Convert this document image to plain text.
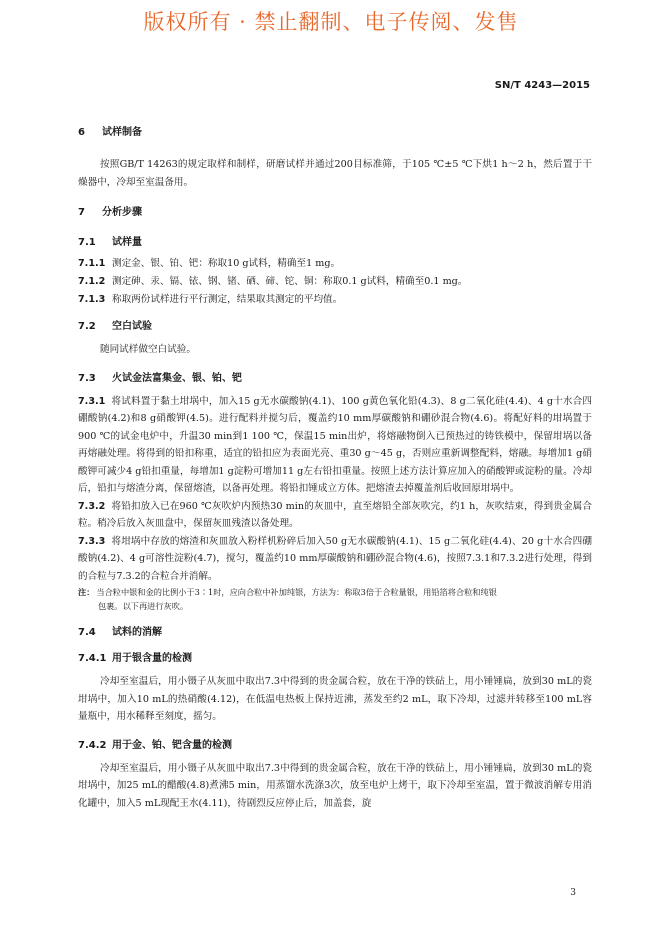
版权所有 · 禁止翻制、电子传阅、发售
SN/T 4243—2015
6 试样制备

按照GB/T 14263的规定取样和制样，研磨试样并通过200目标准筛，于105 ℃±5 ℃下烘1 h～2 h，然后置于干燥器中，冷却至室温备用。

7 分析步骤
7.1 试样量

7.1.1 测定金、银、铂、钯：称取10 g试料，精确至1 mg。

7.1.2 测定砷、汞、镉、铱、钢、锗、硒、碲、铊、铜：称取0.1 g试料，精确至0.1 mg。

7.1.3 称取两份试样进行平行测定，结果取其测定的平均值。

7.2 空白试验

随同试样做空白试验。

7.3 火试金法富集金、银、铂、钯

7.3.1 将试料置于黏土坩埚中，加入15 g无水碳酸钠(4.1)、100 g黄色氧化铅(4.3)、8 g二氧化硅(4.4)、4 g十水合四硼酸钠(4.2)和8 g硝酸钾(4.5)。进行配料并搅匀后，覆盖约10 mm厚碳酸钠和硼砂混合物(4.6)。将配好料的坩埚置于900 ℃的试金电炉中，升温30 min到1 100 ℃，保温15 min出炉，将熔融物倒入已预热过的铸铁模中，保留坩埚以备再熔融处理。将得到的铅扣称重，适宜的铅扣应为表面光亮、重30 g～45 g，否则应重新调整配料，熔融。每增加1 g硝酸钾可减少4 g铅扣重量，每增加1 g淀粉可增加11 g左右铅扣重量。按照上述方法计算应加入的硝酸钾或淀粉的量。冷却后，铅扣与熔渣分离，保留熔渣，以备再处理。将铅扣锤成立方体。把熔渣去掉覆盖剂后收回原坩埚中。

7.3.2 将铅扣放入已在960 ℃灰吹炉内预热30 min的灰皿中，直至熔铅全部灰吹完，约1 h，灰吹结束，得到贵金属合粒。稍冷后放入灰皿盘中，保留灰皿残渣以备处理。

7.3.3 将坩埚中存放的熔渣和灰皿放入粉样机粉碎后加入50 g无水碳酸钠(4.1)、15 g二氧化硅(4.4)、20 g十水合四硼酸钠(4.2)、4 g可溶性淀粉(4.7)，搅匀，覆盖约10 mm厚碳酸钠和硼砂混合物(4.6)，按照7.3.1和7.3.2进行处理，得到的合粒与7.3.2的合粒合并消解。

注： 当合粒中银和金的比例小于3∶1时，应向合粒中补加纯银，方法为：称取3倍于合粒量银，用铅箔将合粒和纯银
包裹。以下再进行灰吹。
7.4 试料的消解
7.4.1 用于银含量的检测

冷却至室温后，用小镊子从灰皿中取出7.3中得到的贵金属合粒，放在干净的铁砧上，用小锤锤扁，放到30 mL的瓷坩埚中，加入10 mL的热硝酸(4.12)，在低温电热板上保持近沸，蒸发至约2 mL，取下冷却，过滤并转移至100 mL容量瓶中，用水稀释至刻度，摇匀。

7.4.2 用于金、铂、钯含量的检测

冷却至室温后，用小镊子从灰皿中取出7.3中得到的贵金属合粒，放在干净的铁砧上，用小锤锤扁，放到30 mL的瓷坩埚中，加25 mL的醋酸(4.8)煮沸5 min，用蒸馏水洗涤3次，放至电炉上烤干，取下冷却至室温，置于微波消解专用消化罐中，加入5 mL现配王水(4.11)，待剧烈反应停止后，加盖套，旋

3
